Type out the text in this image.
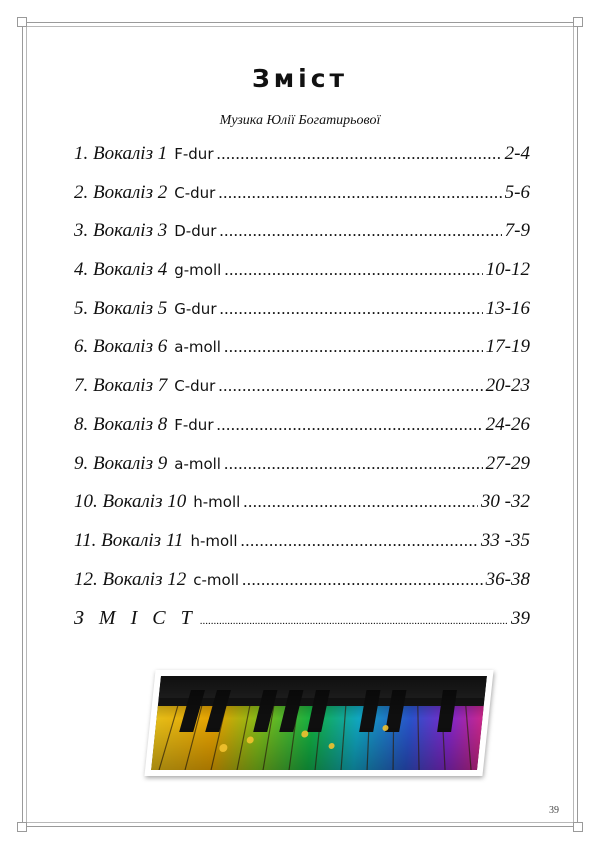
Зміст
Музика Юлії Богатирьової
1. Вокаліз 1 F-dur .....	2-4
2. Вокаліз 2 C-dur .....	5-6
3. Вокаліз 3 D-dur .....	7-9
4. Вокаліз 4 g-moll .....	10-12
5. Вокаліз 5 G-dur .....	13-16
6. Вокаліз 6 a-moll .....	17-19
7. Вокаліз 7 C-dur .....	20-23
8. Вокаліз 8 F-dur .....	24-26
9. Вокаліз 9 a-moll .....	27-29
10. Вокаліз 10 h-moll .....	30 -32
11. Вокаліз 11 h-moll .....	33 -35
12. Вокаліз 12 c-moll .....	36-38
З М І С Т .....	39
39
